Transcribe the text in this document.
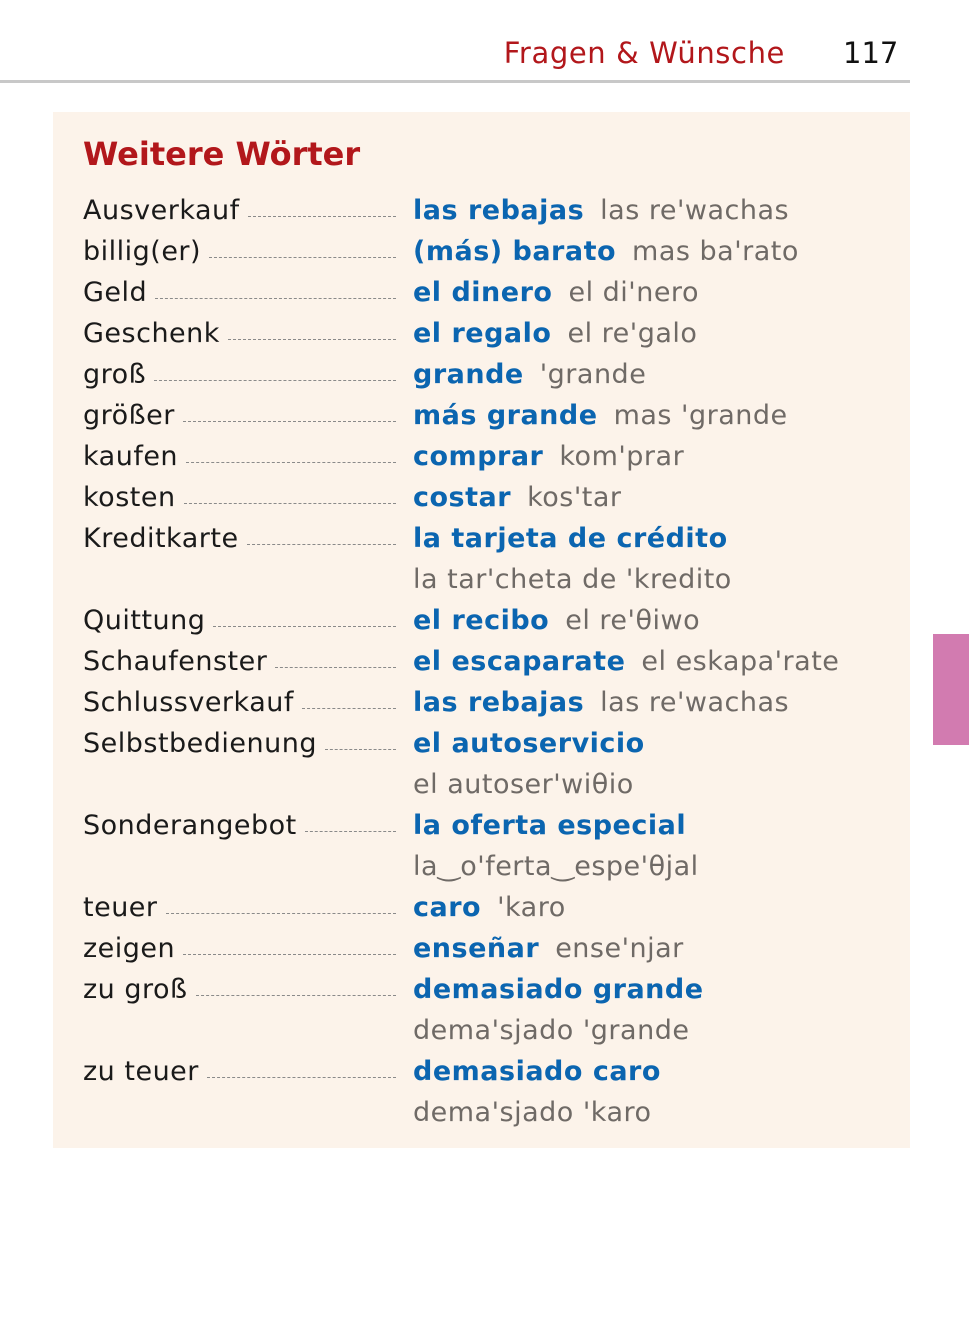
Fragen & Wünsche 117
Weitere Wörter
Ausverkauf	las rebajas las re'wachas
billig(er)	(más) barato mas ba'rato
Geld	el dinero el di'nero
Geschenk	el regalo el re'galo
groß	grande 'grande
größer	más grande mas 'grande
kaufen	comprar kom'prar
kosten	costar kos'tar
Kreditkarte	la tarjeta de crédito
la tar'cheta de 'kredito
Quittung	el recibo el re'θiwo
Schaufenster	el escaparate el eskapa'rate
Schlussverkauf	las rebajas las re'wachas
Selbstbedienung	el autoservicio
el autoser'wiθio
Sonderangebot	la oferta especial
la‿o'ferta‿espe'θjal
teuer	caro 'karo
zeigen	enseñar ense'njar
zu groß	demasiado grande
dema'sjado 'grande
zu teuer	demasiado caro
dema'sjado 'karo
